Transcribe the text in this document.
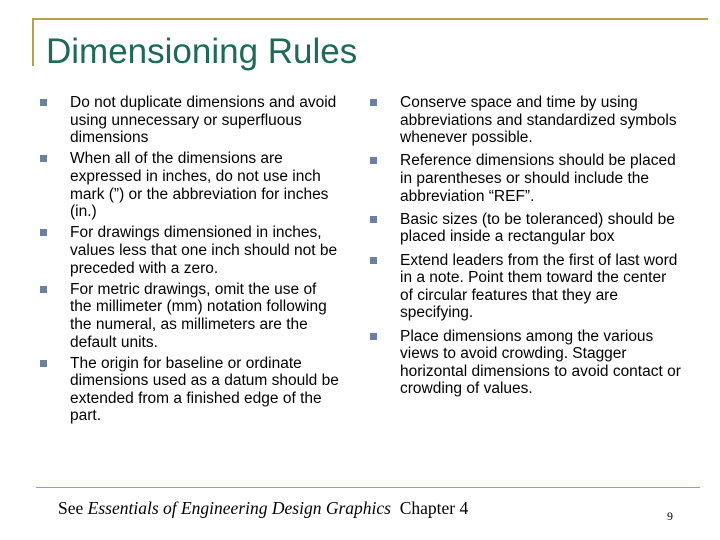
Dimensioning Rules
Do not duplicate dimensions and avoid using unnecessary or superfluous dimensions
When all of the dimensions are expressed in inches, do not use inch mark (”) or the abbreviation for inches (in.)
For drawings dimensioned in inches, values less that one inch should not be preceded with a zero.
For metric drawings, omit the use of the millimeter (mm) notation following the numeral, as millimeters are the default units.
The origin for baseline or ordinate dimensions used as a datum should be extended from a finished edge of the part.
Conserve space and time by using abbreviations and standardized symbols whenever possible.
Reference dimensions should be placed in parentheses or should include the abbreviation “REF”.
Basic sizes (to be toleranced) should be placed inside a rectangular box
Extend leaders from the first of last word in a note. Point them toward the center of circular features that they are specifying.
Place dimensions among the various views to avoid crowding. Stagger horizontal dimensions to avoid contact or crowding of values.
See Essentials of Engineering Design Graphics  Chapter 4	9
